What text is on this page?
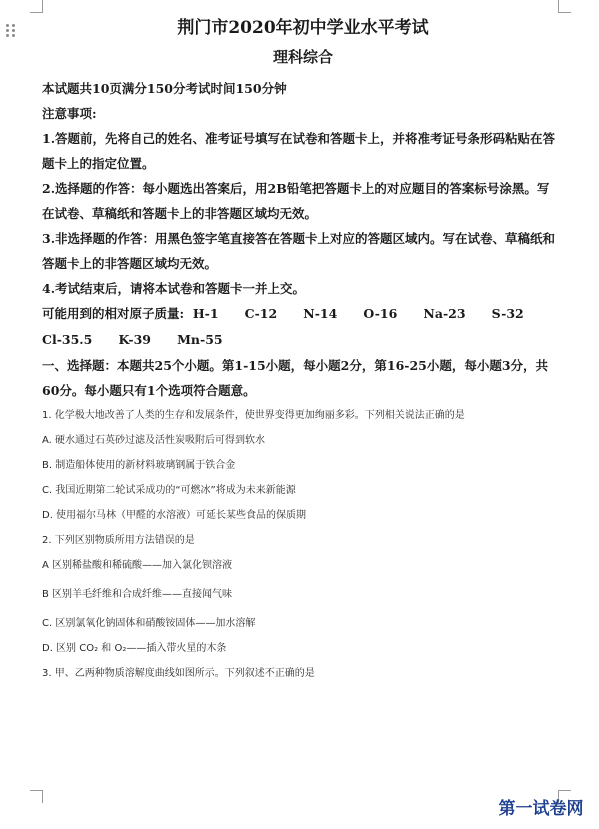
荆门市2020年初中学业水平考试
理科综合

本试题共10页满分150分考试时间150分钟

注意事项:

1.答题前，先将自己的姓名、准考证号填写在试卷和答题卡上，并将准考证号条形码粘贴在答

题卡上的指定位置。

2.选择题的作答：每小题选出答案后，用2B铅笔把答题卡上的对应题目的答案标号涂黑。写

在试卷、草稿纸和答题卡上的非答题区域均无效。

3.非选择题的作答：用黑色签字笔直接答在答题卡上对应的答题区域内。写在试卷、草稿纸和

答题卡上的非答题区域均无效。

4.考试结束后，请将本试卷和答题卡一并上交。

可能用到的相对原子质量:  H-1      C-12      N-14      O-16      Na-23      S-32

Cl-35.5      K-39      Mn-55

一、选择题：本题共25个小题。第1-15小题，每小题2分，第16-25小题，每小题3分，共

60分。每小题只有1个选项符合题意。

1. 化学极大地改善了人类的生存和发展条件，使世界变得更加绚丽多彩。下列相关说法正确的是

A. 硬水通过石英砂过滤及活性炭吸附后可得到软水

B. 制造船体使用的新材料玻璃钢属于铁合金

C. 我国近期第二轮试采成功的“可燃冰”将成为未来新能源

D. 使用福尔马林（甲醛的水溶液）可延长某些食品的保质期

2. 下列区别物质所用方法错误的是

A 区别稀盐酸和稀硫酸——加入氯化钡溶液

B 区别羊毛纤维和合成纤维——直接闻气味

C. 区别氯氧化钠固体和硝酸铵固体——加水溶解

D. 区别 CO₂ 和 O₂——插入带火星的木条

3. 甲、乙两种物质溶解度曲线如图所示。下列叙述不正确的是

第一试卷网
